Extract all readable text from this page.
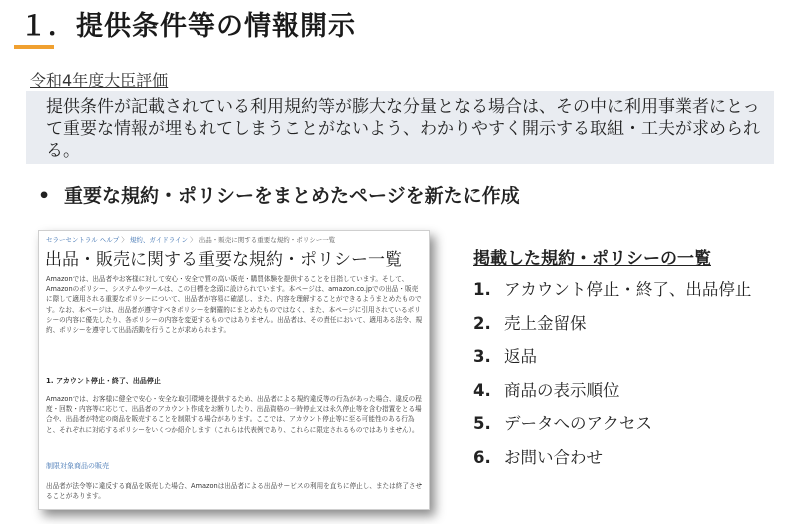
１．提供条件等の情報開示
令和4年度大臣評価
提供条件が記載されている利用規約等が膨大な分量となる場合は、その中に利用事業者にとって重要な情報が埋もれてしまうことがないよう、わかりやすく開示する取組・工夫が求められる。
• 重要な規約・ポリシーをまとめたページを新たに作成
セラーセントラル ヘルプ 〉 規約、ガイドライン 〉 出品・販売に関する重要な規約・ポリシー一覧
出品・販売に関する重要な規約・ポリシー一覧
Amazonでは、出品者やお客様に対して安心・安全で質の高い販売・購買体験を提供することを目指しています。そして、Amazonのポリシー、システムやツールは、この目標を念頭に設けられています。本ページは、amazon.co.jpでの出品・販売に際して適用される重要なポリシーについて、出品者が容易に確認し、また、内容を理解することができるようまとめたものです。なお、本ページは、出品者が遵守すべきポリシーを網羅的にまとめたものではなく、また、本ページに引用されているポリシーの内容に優先したり、各ポリシーの内容を変更するものではありません。出品者は、その責任において、適用ある法令、規約、ポリシーを遵守して出品活動を行うことが求められます。
1. アカウント停止・終了、出品停止
Amazonでは、お客様に健全で安心・安全な取引環境を提供するため、出品者による規約違反等の行為があった場合、違反の程度・回数・内容等に応じて、出品者のアカウント作成をお断りしたり、出品資格の一時停止又は永久停止等を含む措置をとる場合や、出品者が特定の商品を販売することを制限する場合があります。ここでは、アカウント停止等に至る可能性のある行為と、それぞれに対応するポリシーをいくつか紹介します（これらは代表例であり、これらに限定されるものではありません）。
制限対象商品の販売
出品者が法令等に違反する商品を販売した場合、Amazonは出品者による出品サービスの利用を直ちに停止し、または終了させることがあります。
掲載した規約・ポリシーの一覧
1. アカウント停止・終了、出品停止
2. 売上金留保
3. 返品
4. 商品の表示順位
5. データへのアクセス
6. お問い合わせ
